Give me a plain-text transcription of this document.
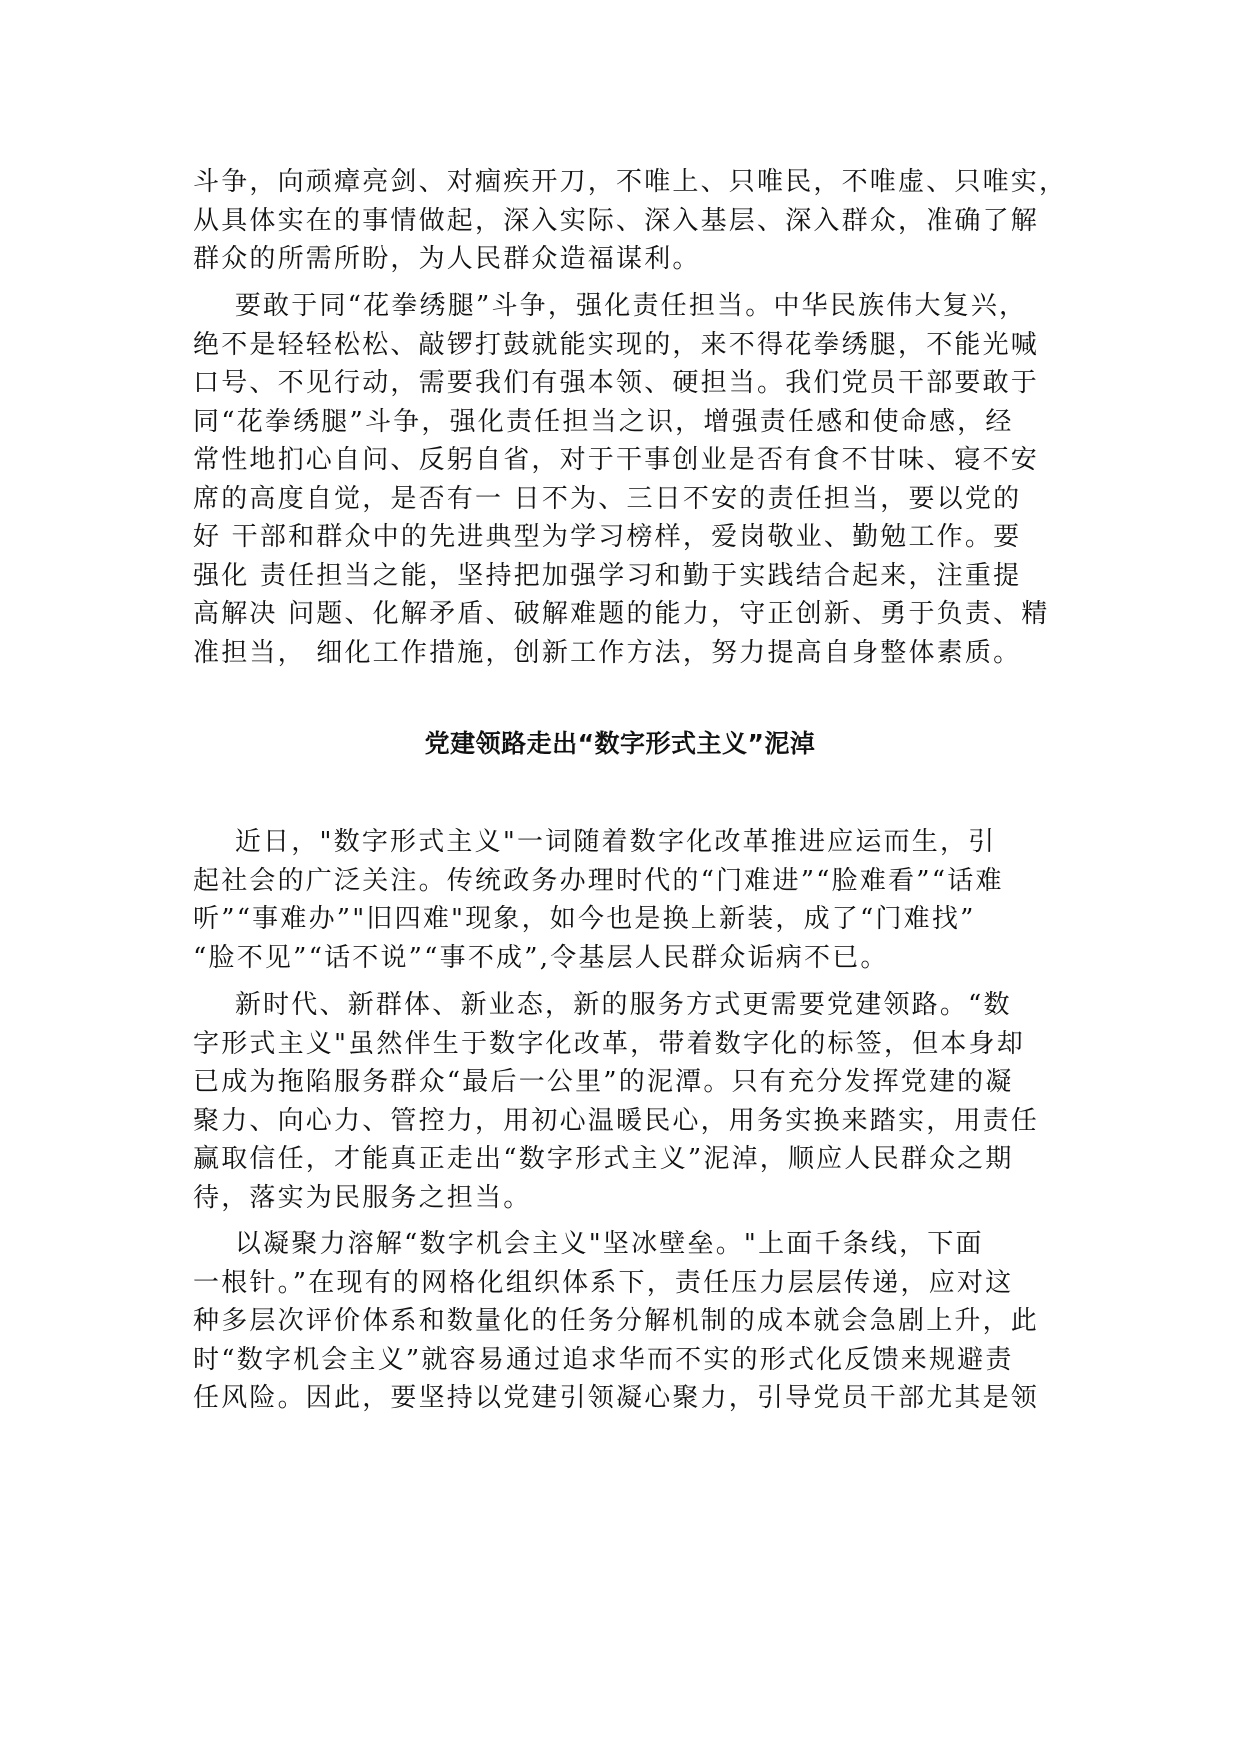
斗争，向顽瘴亮剑、对痼疾开刀，不唯上、只唯民，不唯虚、只唯实，
从具体实在的事情做起，深入实际、深入基层、深入群众，准确了解
群众的所需所盼，为人民群众造福谋利。
要敢于同“花拳绣腿”斗争，强化责任担当。中华民族伟大复兴，
绝不是轻轻松松、敲锣打鼓就能实现的，来不得花拳绣腿，不能光喊
口号、不见行动，需要我们有强本领、硬担当。我们党员干部要敢于
同“花拳绣腿”斗争，强化责任担当之识，增强责任感和使命感，经
常性地扪心自问、反躬自省，对于干事创业是否有食不甘味、寝不安
席的高度自觉，是否有一 日不为、三日不安的责任担当，要以党的
好 干部和群众中的先进典型为学习榜样，爱岗敬业、勤勉工作。要
强化 责任担当之能，坚持把加强学习和勤于实践结合起来，注重提
高解决 问题、化解矛盾、破解难题的能力，守正创新、勇于负责、精
准担当， 细化工作措施，创新工作方法，努力提高自身整体素质。
党建领路走出“数字形式主义”泥淖
近日，"数字形式主义"一词随着数字化改革推进应运而生，引
起社会的广泛关注。传统政务办理时代的“门难进”“脸难看”“话难
听”“事难办”"旧四难"现象，如今也是换上新装，成了“门难找”
“脸不见”“话不说”“事不成”,令基层人民群众诟病不已。
新时代、新群体、新业态，新的服务方式更需要党建领路。“数
字形式主义"虽然伴生于数字化改革，带着数字化的标签，但本身却
已成为拖陷服务群众“最后一公里”的泥潭。只有充分发挥党建的凝
聚力、向心力、管控力，用初心温暖民心，用务实换来踏实，用责任
赢取信任，才能真正走出“数字形式主义”泥淖，顺应人民群众之期
待，落实为民服务之担当。
以凝聚力溶解“数字机会主义"坚冰壁垒。"上面千条线，下面
一根针。”在现有的网格化组织体系下，责任压力层层传递，应对这
种多层次评价体系和数量化的任务分解机制的成本就会急剧上升，此
时“数字机会主义”就容易通过追求华而不实的形式化反馈来规避责
任风险。因此，要坚持以党建引领凝心聚力，引导党员干部尤其是领
